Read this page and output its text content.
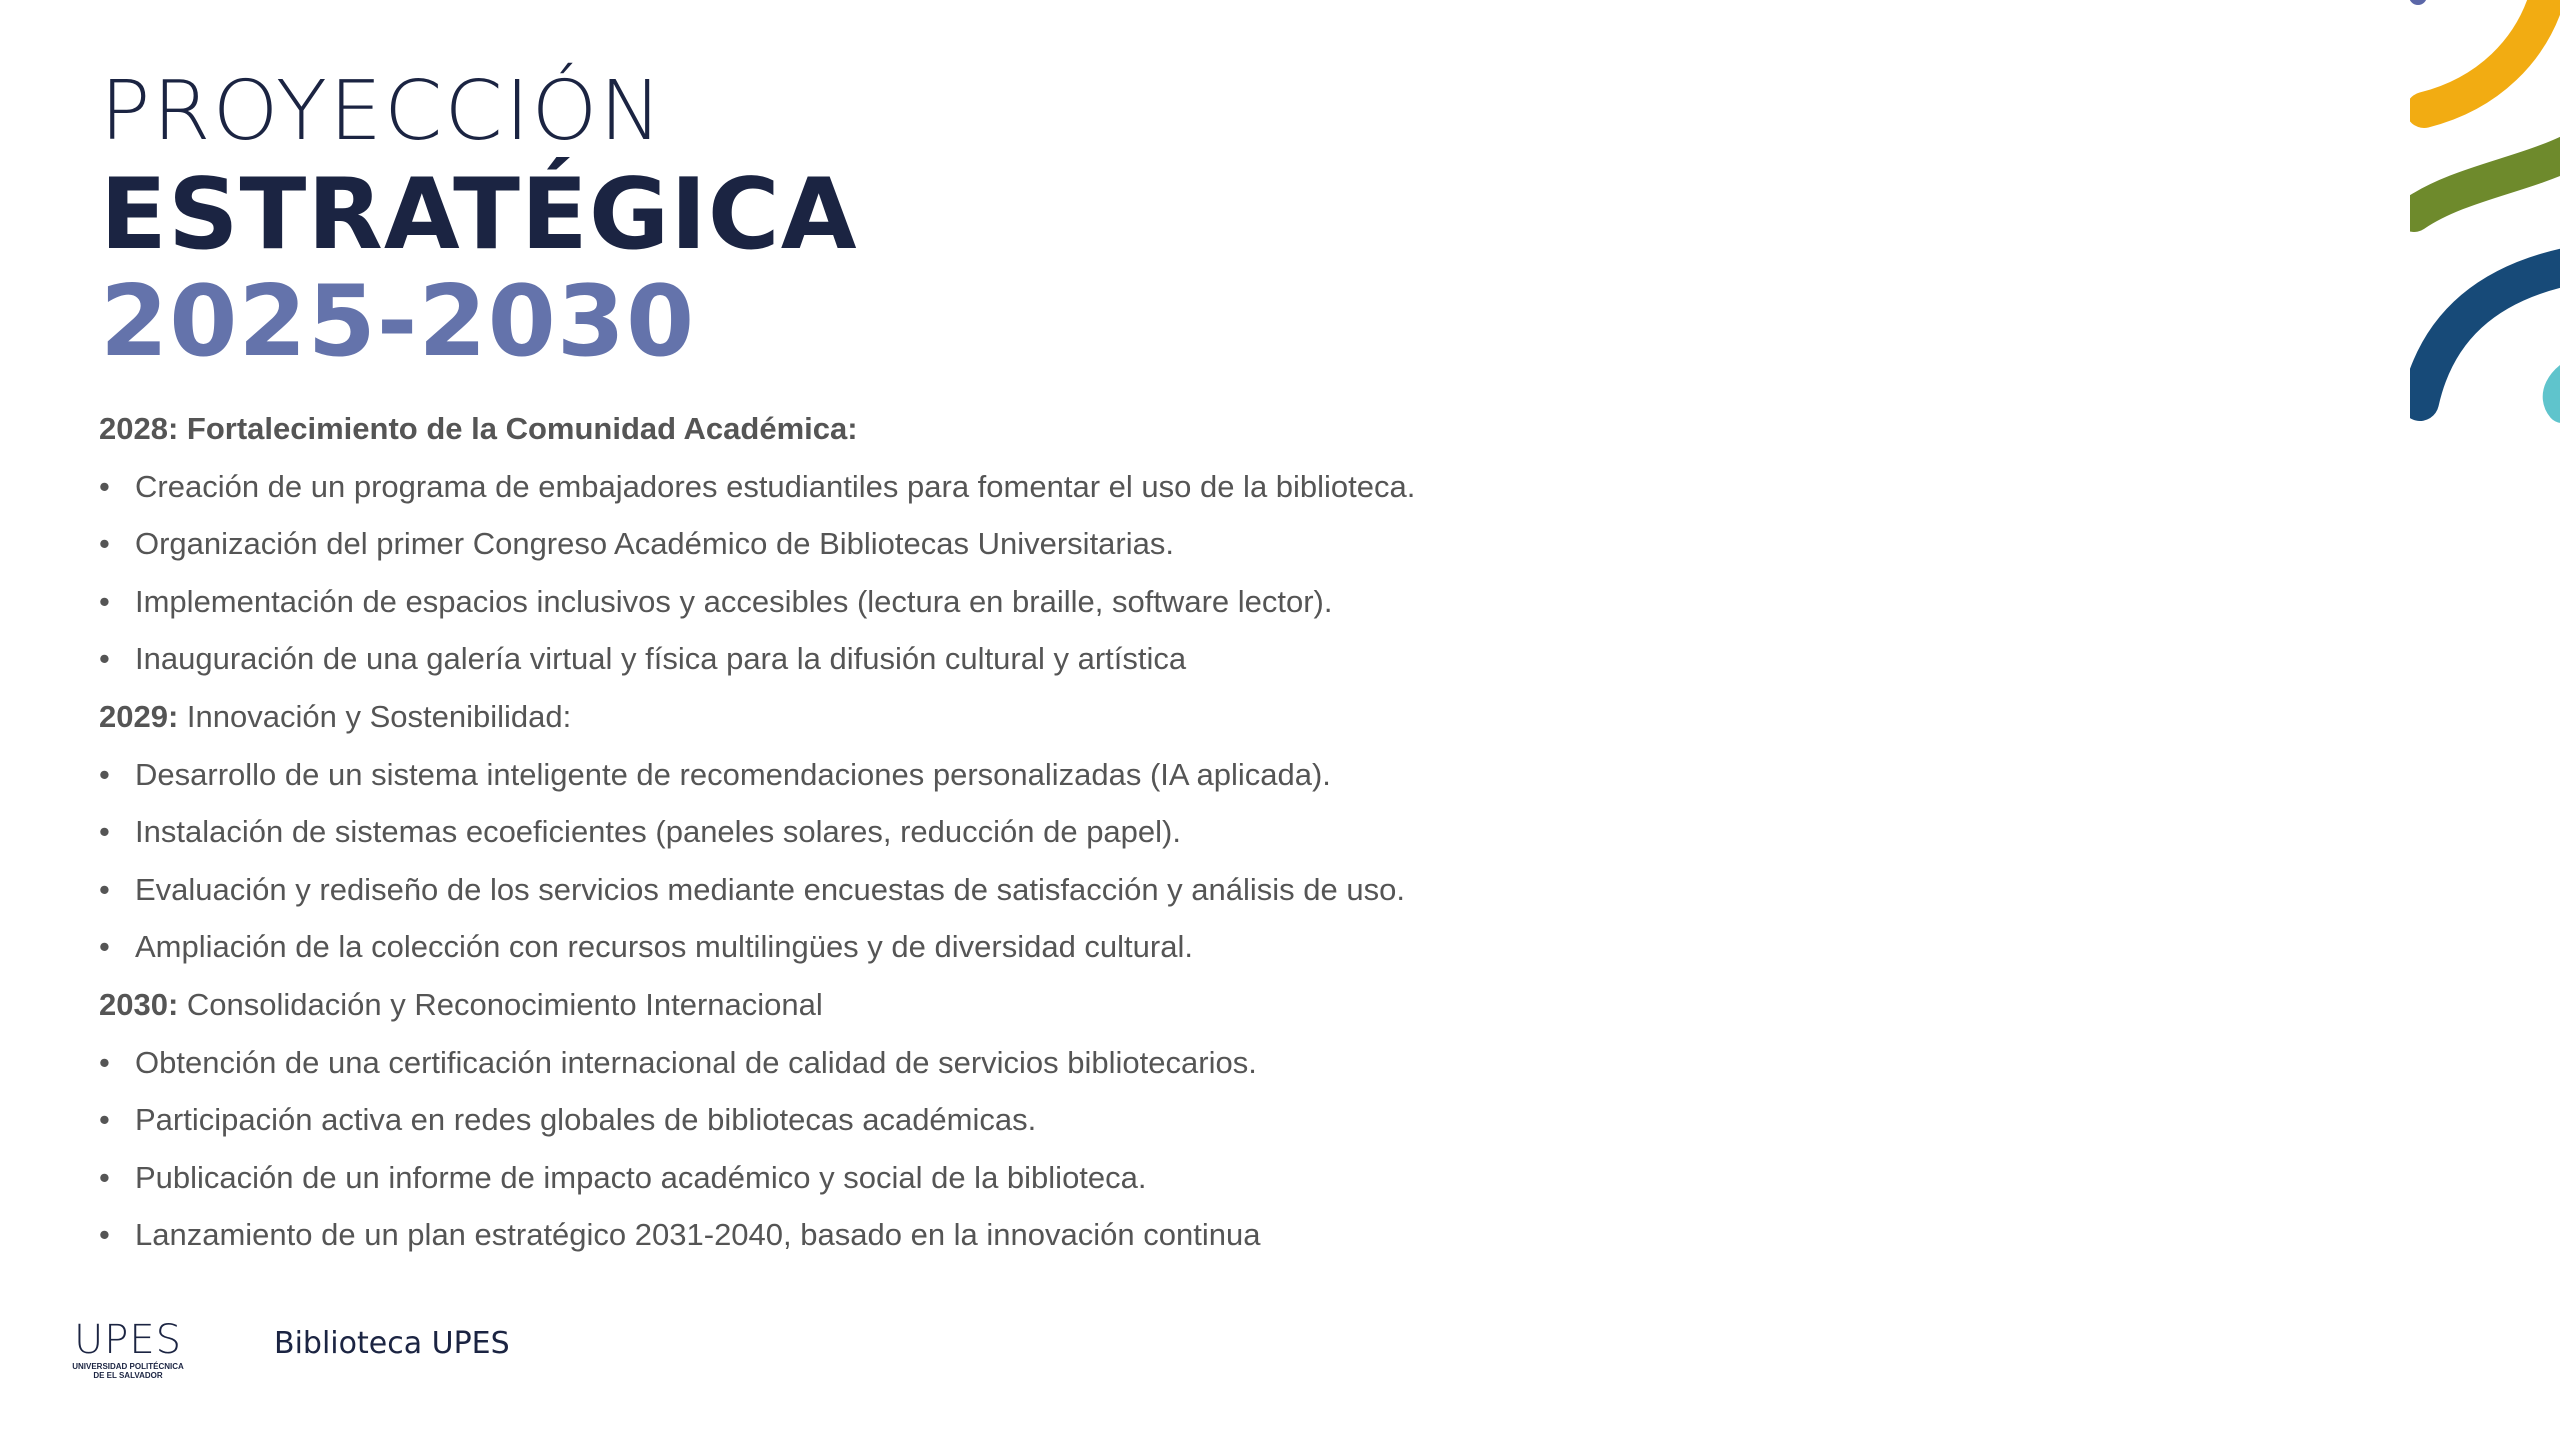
PROYECCIÓN
ESTRATÉGICA
2025-2030
2028: Fortalecimiento de la Comunidad Académica:
• Creación de un programa de embajadores estudiantiles para fomentar el uso de la biblioteca.
• Organización del primer Congreso Académico de Bibliotecas Universitarias.
• Implementación de espacios inclusivos y accesibles (lectura en braille, software lector).
• Inauguración de una galería virtual y física para la difusión cultural y artística
2029: Innovación y Sostenibilidad:
• Desarrollo de un sistema inteligente de recomendaciones personalizadas (IA aplicada).
• Instalación de sistemas ecoeficientes (paneles solares, reducción de papel).
• Evaluación y rediseño de los servicios mediante encuestas de satisfacción y análisis de uso.
• Ampliación de la colección con recursos multilingües y de diversidad cultural.
2030: Consolidación y Reconocimiento Internacional
• Obtención de una certificación internacional de calidad de servicios bibliotecarios.
• Participación activa en redes globales de bibliotecas académicas.
• Publicación de un informe de impacto académico y social de la biblioteca.
• Lanzamiento de un plan estratégico 2031-2040, basado en la innovación continua
UPES
UNIVERSIDAD POLITÉCNICA
DE EL SALVADOR
Biblioteca UPES
